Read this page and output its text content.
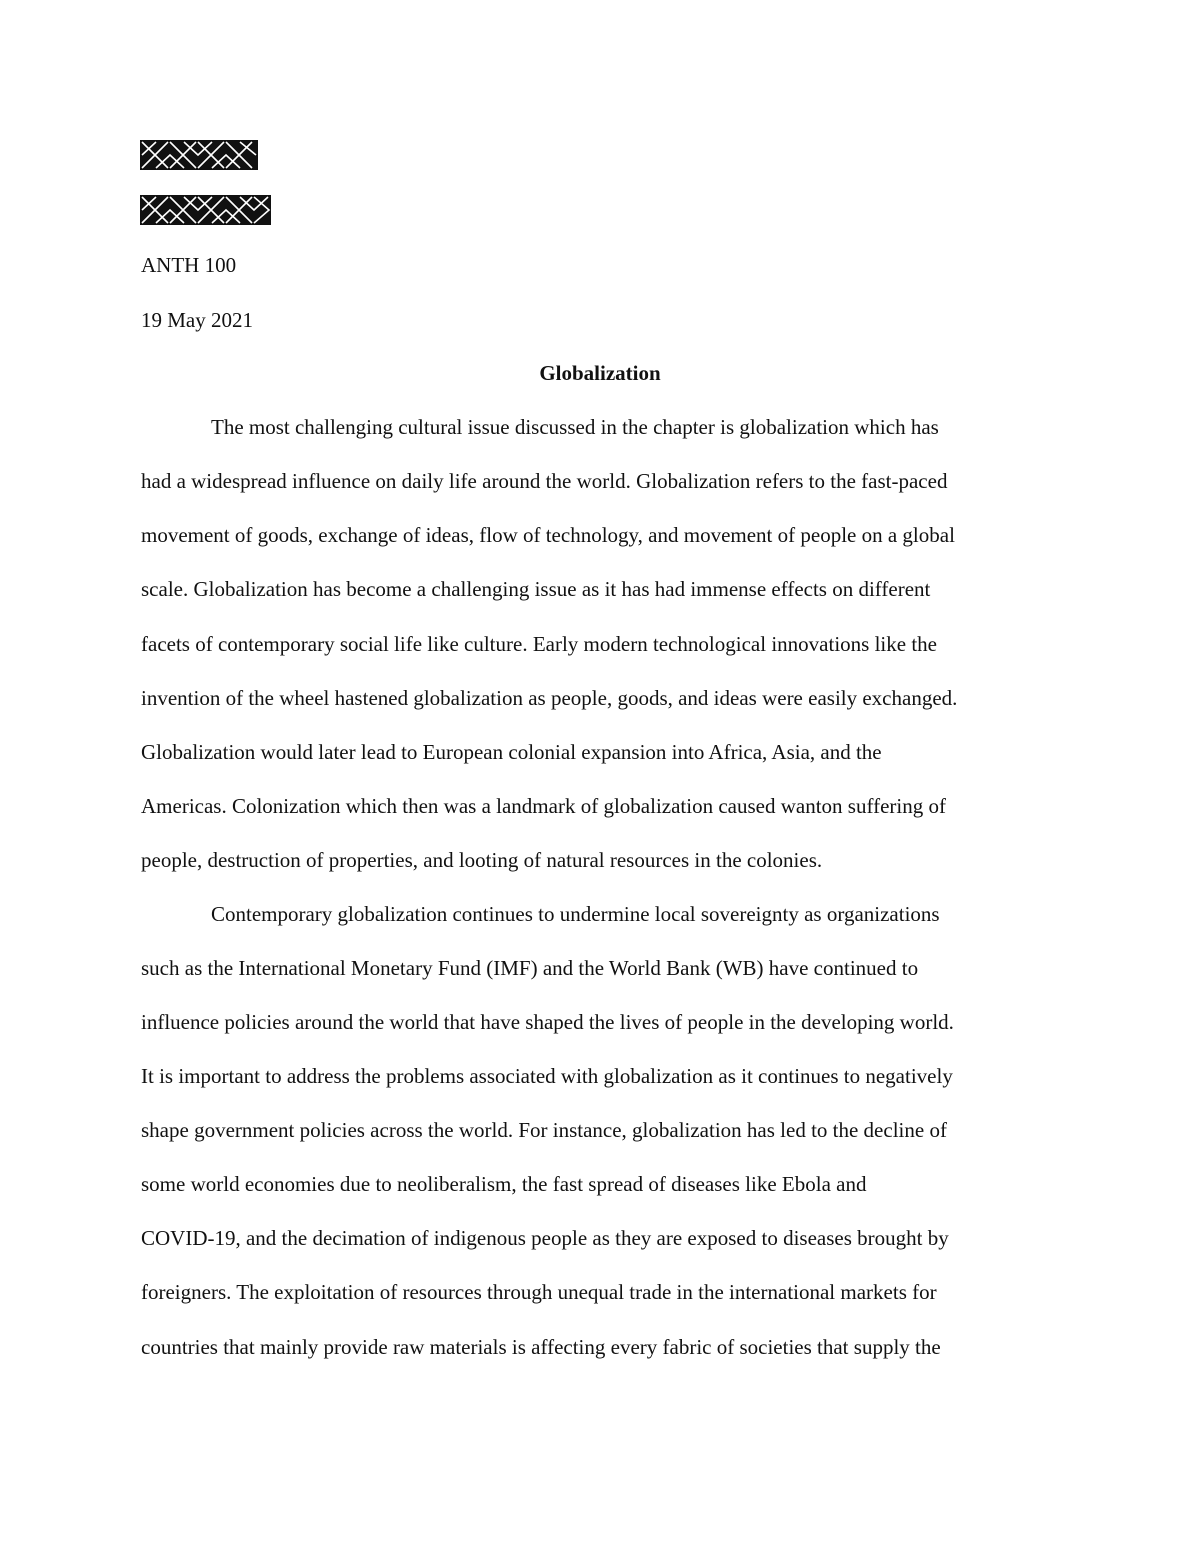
ANTH 100
19 May 2021
Globalization
The most challenging cultural issue discussed in the chapter is globalization which has
had a widespread influence on daily life around the world. Globalization refers to the fast-paced
movement of goods, exchange of ideas, flow of technology, and movement of people on a global
scale. Globalization has become a challenging issue as it has had immense effects on different
facets of contemporary social life like culture. Early modern technological innovations like the
invention of the wheel hastened globalization as people, goods, and ideas were easily exchanged.
Globalization would later lead to European colonial expansion into Africa, Asia, and the
Americas. Colonization which then was a landmark of globalization caused wanton suffering of
people, destruction of properties, and looting of natural resources in the colonies.
Contemporary globalization continues to undermine local sovereignty as organizations
such as the International Monetary Fund (IMF) and the World Bank (WB) have continued to
influence policies around the world that have shaped the lives of people in the developing world.
It is important to address the problems associated with globalization as it continues to negatively
shape government policies across the world. For instance, globalization has led to the decline of
some world economies due to neoliberalism, the fast spread of diseases like Ebola and
COVID-19, and the decimation of indigenous people as they are exposed to diseases brought by
foreigners. The exploitation of resources through unequal trade in the international markets for
countries that mainly provide raw materials is affecting every fabric of societies that supply the
